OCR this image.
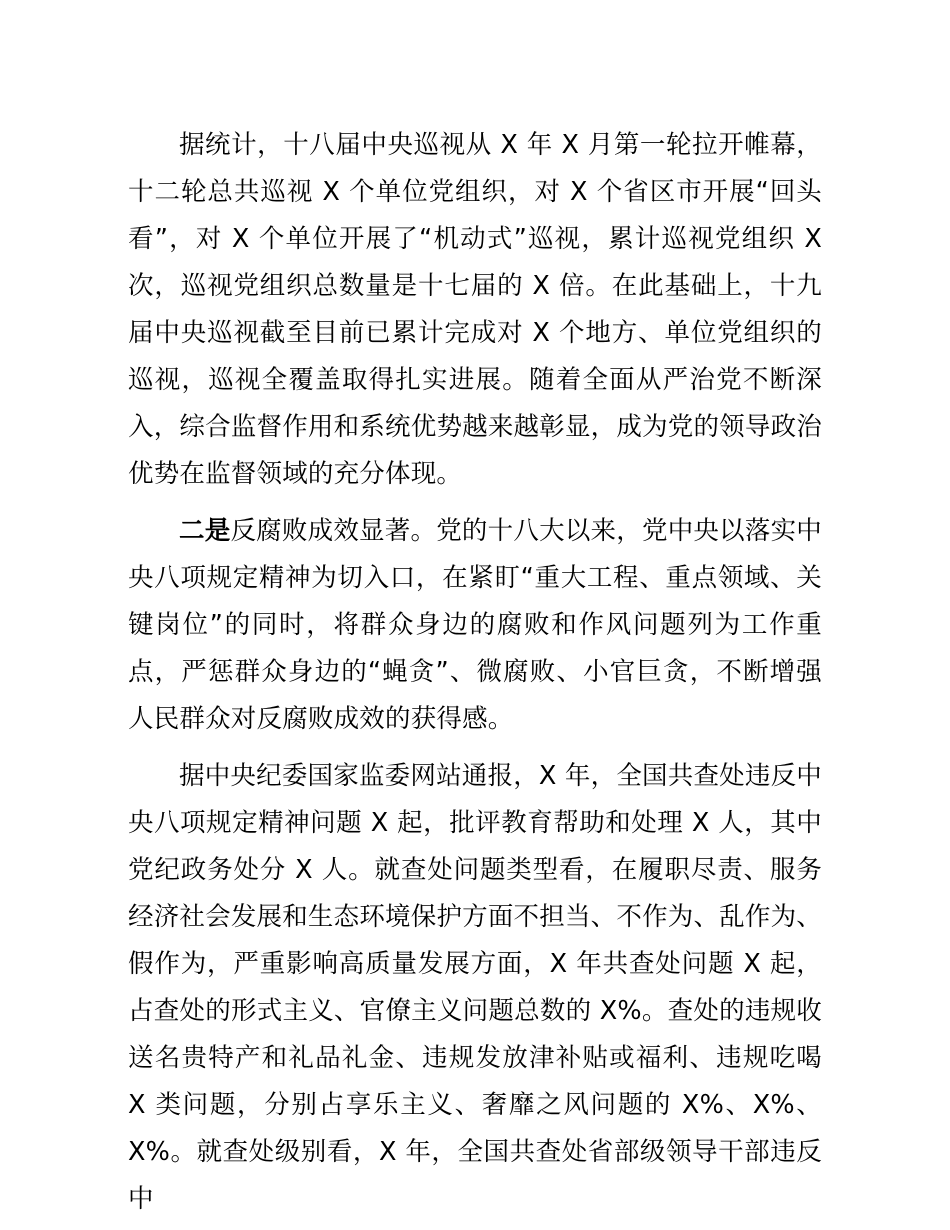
据统计，十八届中央巡视从 X 年 X 月第一轮拉开帷幕，十二轮总共巡视 X 个单位党组织，对 X 个省区市开展“回头看”，对 X 个单位开展了“机动式”巡视，累计巡视党组织 X 次，巡视党组织总数量是十七届的 X 倍。在此基础上，十九届中央巡视截至目前已累计完成对 X 个地方、单位党组织的巡视，巡视全覆盖取得扎实进展。随着全面从严治党不断深入，综合监督作用和系统优势越来越彰显，成为党的领导政治优势在监督领域的充分体现。

二是反腐败成效显著。党的十八大以来，党中央以落实中央八项规定精神为切入口，在紧盯“重大工程、重点领域、关键岗位”的同时，将群众身边的腐败和作风问题列为工作重点，严惩群众身边的“蝇贪”、微腐败、小官巨贪，不断增强人民群众对反腐败成效的获得感。

据中央纪委国家监委网站通报，X 年，全国共查处违反中央八项规定精神问题 X 起，批评教育帮助和处理 X 人，其中党纪政务处分 X 人。就查处问题类型看，在履职尽责、服务经济社会发展和生态环境保护方面不担当、不作为、乱作为、假作为，严重影响高质量发展方面，X 年共查处问题 X 起，占查处的形式主义、官僚主义问题总数的 X%。查处的违规收送名贵特产和礼品礼金、违规发放津补贴或福利、违规吃喝 X 类问题，分别占享乐主义、奢靡之风问题的 X%、X%、X%。就查处级别看，X 年，全国共查处省部级领导干部违反中
